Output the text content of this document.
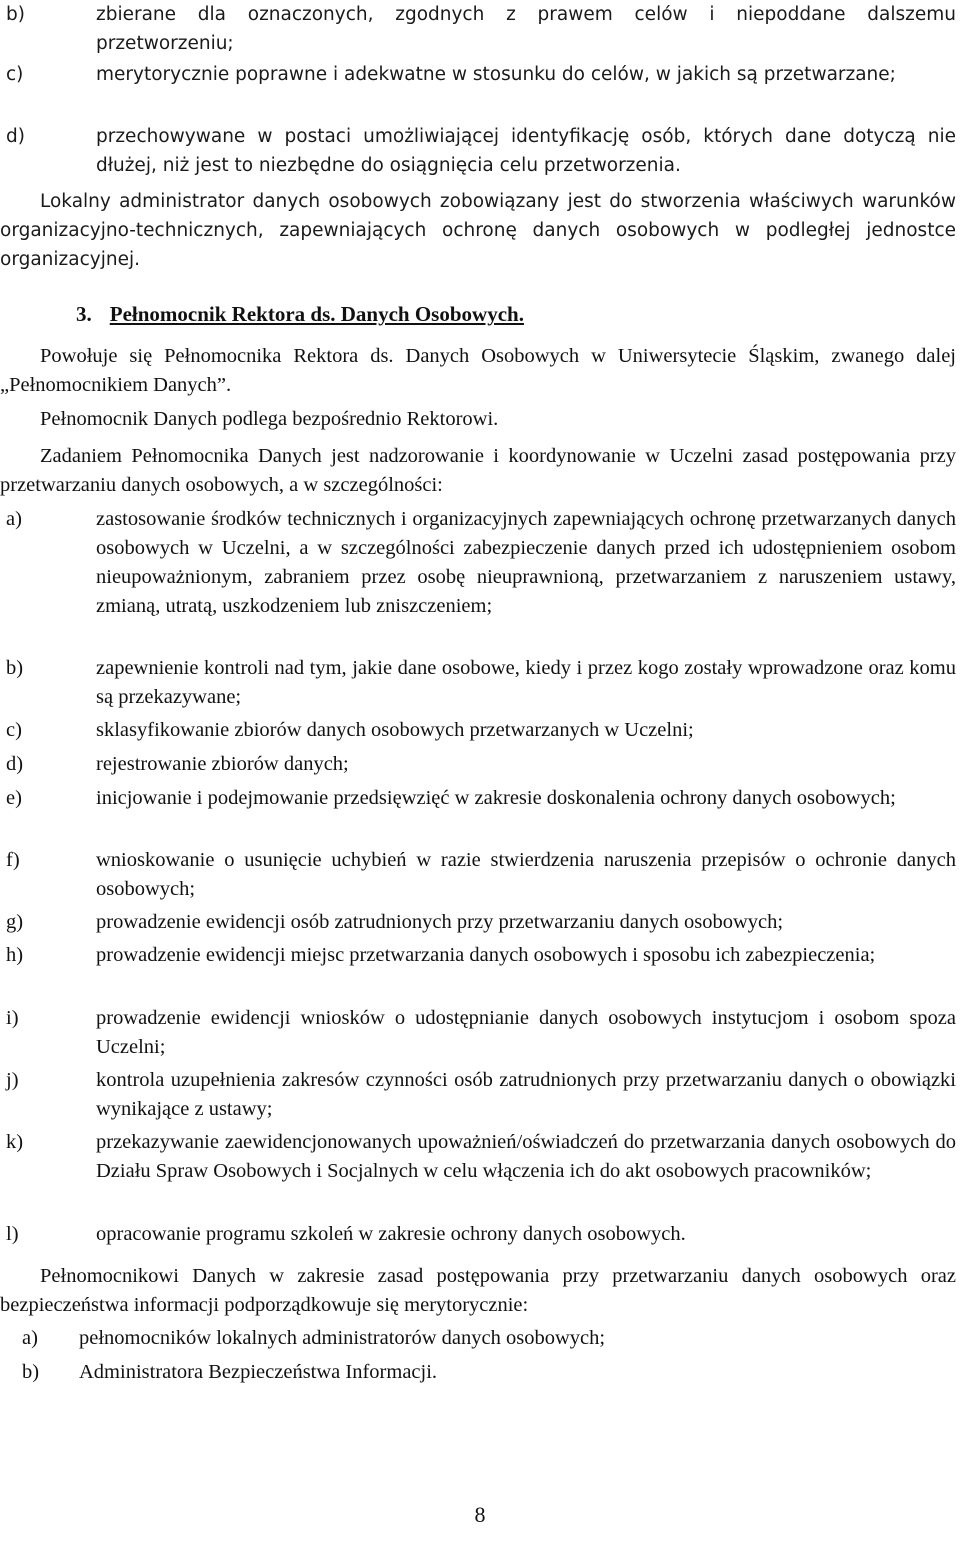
b)	zbierane dla oznaczonych, zgodnych z prawem celów i niepoddane dalszemu przetworzeniu;
c)	merytorycznie poprawne i adekwatne w stosunku do celów, w jakich są przetwarzane;
d)	przechowywane w postaci umożliwiającej identyfikację osób, których dane dotyczą nie dłużej, niż jest to niezbędne do osiągnięcia celu przetworzenia.
Lokalny administrator danych osobowych zobowiązany jest do stworzenia właściwych warunków organizacyjno-technicznych, zapewniających ochronę danych osobowych w podległej jednostce organizacyjnej.
3. Pełnomocnik Rektora ds. Danych Osobowych.
Powołuje się Pełnomocnika Rektora ds. Danych Osobowych w Uniwersytecie Śląskim, zwanego dalej „Pełnomocnikiem Danych”.
Pełnomocnik Danych podlega bezpośrednio Rektorowi.
Zadaniem Pełnomocnika Danych jest nadzorowanie i koordynowanie w Uczelni zasad postępowania przy przetwarzaniu danych osobowych, a w szczególności:
a)	zastosowanie środków technicznych i organizacyjnych zapewniających ochronę przetwarzanych danych osobowych w Uczelni, a w szczególności zabezpieczenie danych przed ich udostępnieniem osobom nieupoważnionym, zabraniem przez osobę nieuprawnioną, przetwarzaniem z naruszeniem ustawy, zmianą, utratą, uszkodzeniem lub zniszczeniem;
b)	zapewnienie kontroli nad tym, jakie dane osobowe, kiedy i przez kogo zostały wprowadzone oraz komu są przekazywane;
c)	sklasyfikowanie zbiorów danych osobowych przetwarzanych w Uczelni;
d)	rejestrowanie zbiorów danych;
e)	inicjowanie i podejmowanie przedsięwzięć w zakresie doskonalenia ochrony danych osobowych;
f)	wnioskowanie o usunięcie uchybień w razie stwierdzenia naruszenia przepisów o ochronie danych osobowych;
g)	prowadzenie ewidencji osób zatrudnionych przy przetwarzaniu danych osobowych;
h)	prowadzenie ewidencji miejsc przetwarzania danych osobowych i sposobu ich zabezpieczenia;
i)	prowadzenie ewidencji wniosków o udostępnianie danych osobowych instytucjom i osobom spoza Uczelni;
j)	kontrola uzupełnienia zakresów czynności osób zatrudnionych przy przetwarzaniu danych o obowiązki wynikające z ustawy;
k)	przekazywanie zaewidencjonowanych upoważnień/oświadczeń do przetwarzania danych osobowych do Działu Spraw Osobowych i Socjalnych w celu włączenia ich do akt osobowych pracowników;
l)	opracowanie programu szkoleń w zakresie ochrony danych osobowych.
Pełnomocnikowi Danych w zakresie zasad postępowania przy przetwarzaniu danych osobowych oraz bezpieczeństwa informacji podporządkowuje się merytorycznie:
a) pełnomocników lokalnych administratorów danych osobowych;
b) Administratora Bezpieczeństwa Informacji.
8
